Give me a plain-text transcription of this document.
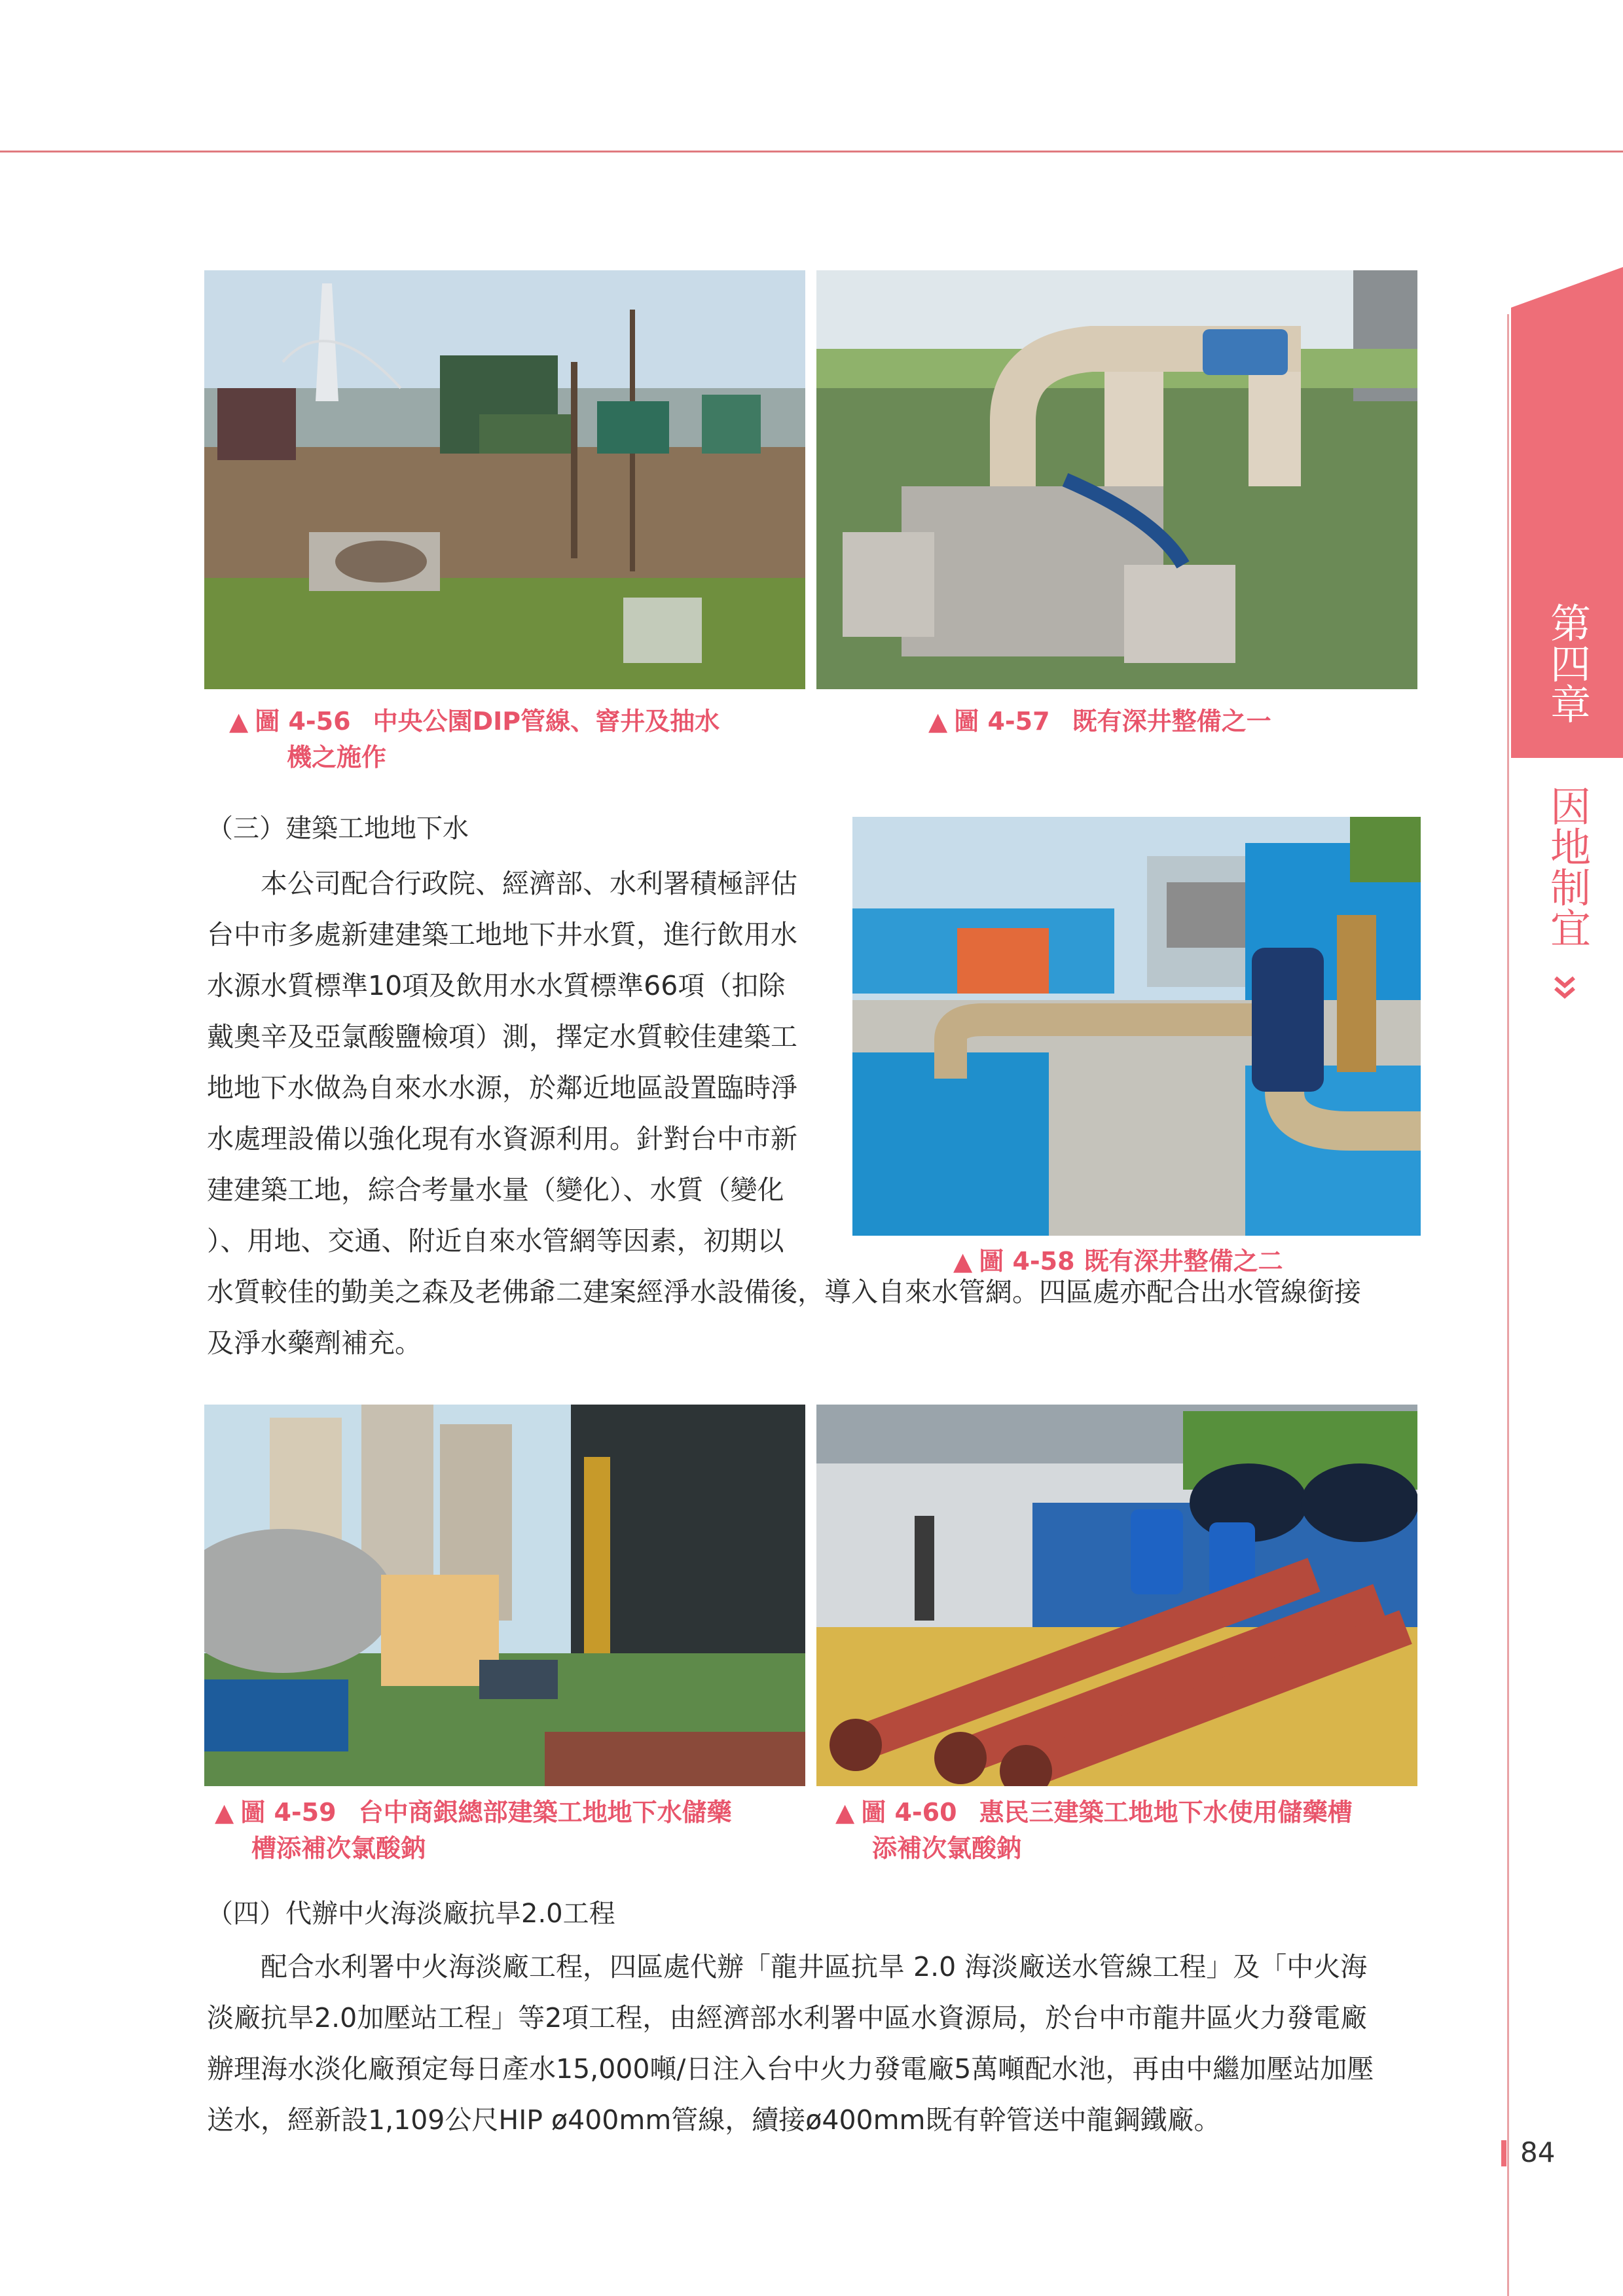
第四章
因地制宜
▲ 圖 4-56 中央公園DIP管線、窨井及抽水
機之施作
▲ 圖 4-57 既有深井整備之一
（三）建築工地地下水
本公司配合行政院、經濟部、水利署積極評估
台中市多處新建建築工地地下井水質，進行飲用水
水源水質標準10項及飲用水水質標準66項（扣除
戴奧辛及亞氯酸鹽檢項）測，擇定水質較佳建築工
地地下水做為自來水水源，於鄰近地區設置臨時淨
水處理設備以強化現有水資源利用。針對台中市新
建建築工地，綜合考量水量（變化）、水質（變化
）、用地、交通、附近自來水管網等因素，初期以
水質較佳的勤美之森及老佛爺二建案經淨水設備後，導入自來水管網。四區處亦配合出水管線銜接
及淨水藥劑補充。
▲ 圖 4-58 既有深井整備之二
▲ 圖 4-59 台中商銀總部建築工地地下水儲藥
槽添補次氯酸鈉
▲ 圖 4-60 惠民三建築工地地下水使用儲藥槽
添補次氯酸鈉
（四）代辦中火海淡廠抗旱2.0工程
配合水利署中火海淡廠工程，四區處代辦「龍井區抗旱 2.0 海淡廠送水管線工程」及「中火海
淡廠抗旱2.0加壓站工程」等2項工程，由經濟部水利署中區水資源局，於台中市龍井區火力發電廠
辦理海水淡化廠預定每日產水15,000噸/日注入台中火力發電廠5萬噸配水池，再由中繼加壓站加壓
送水，經新設1,109公尺HIP ø400mm管線，續接ø400mm既有幹管送中龍鋼鐵廠。
84
